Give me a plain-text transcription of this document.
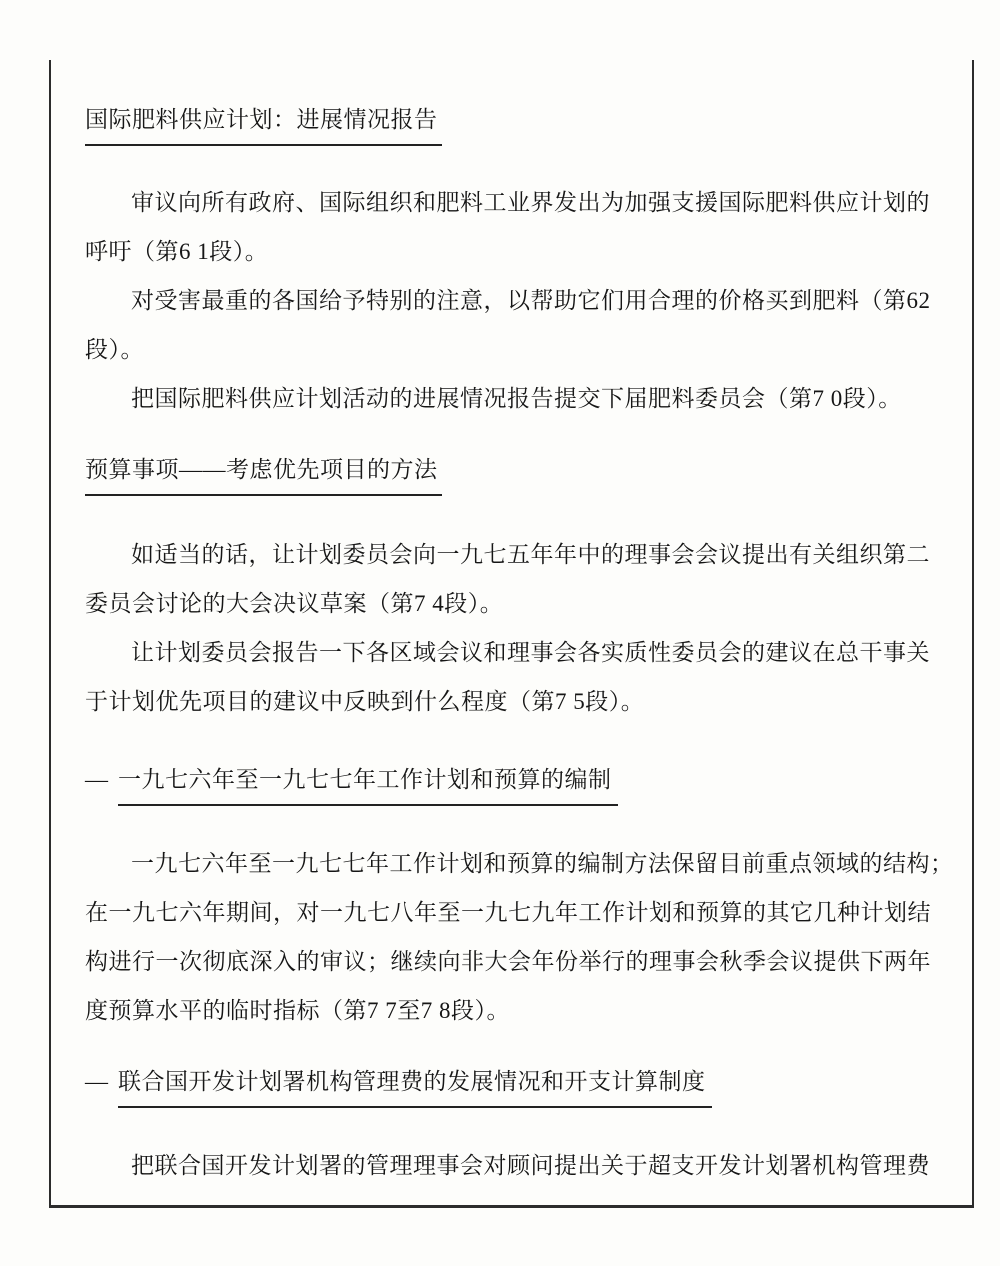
国际肥料供应计划：进展情况报告

审议向所有政府、国际组织和肥料工业界发出为加强支援国际肥料供应计划的
呼吁（第6 1段）。

对受害最重的各国给予特别的注意，以帮助它们用合理的价格买到肥料（第62
段）。

把国际肥料供应计划活动的进展情况报告提交下届肥料委员会（第7 0段）。

预算事项——考虑优先项目的方法

如适当的话，让计划委员会向一九七五年年中的理事会会议提出有关组织第二
委员会讨论的大会决议草案（第7 4段）。

让计划委员会报告一下各区域会议和理事会各实质性委员会的建议在总干事关
于计划优先项目的建议中反映到什么程度（第7 5段）。

— 一九七六年至一九七七年工作计划和预算的编制

一九七六年至一九七七年工作计划和预算的编制方法保留目前重点领域的结构；
在一九七六年期间，对一九七八年至一九七九年工作计划和预算的其它几种计划结
构进行一次彻底深入的审议；继续向非大会年份举行的理事会秋季会议提供下两年
度预算水平的临时指标（第7 7至7 8段）。

— 联合国开发计划署机构管理费的发展情况和开支计算制度

把联合国开发计划署的管理理事会对顾问提出关于超支开发计划署机构管理费
